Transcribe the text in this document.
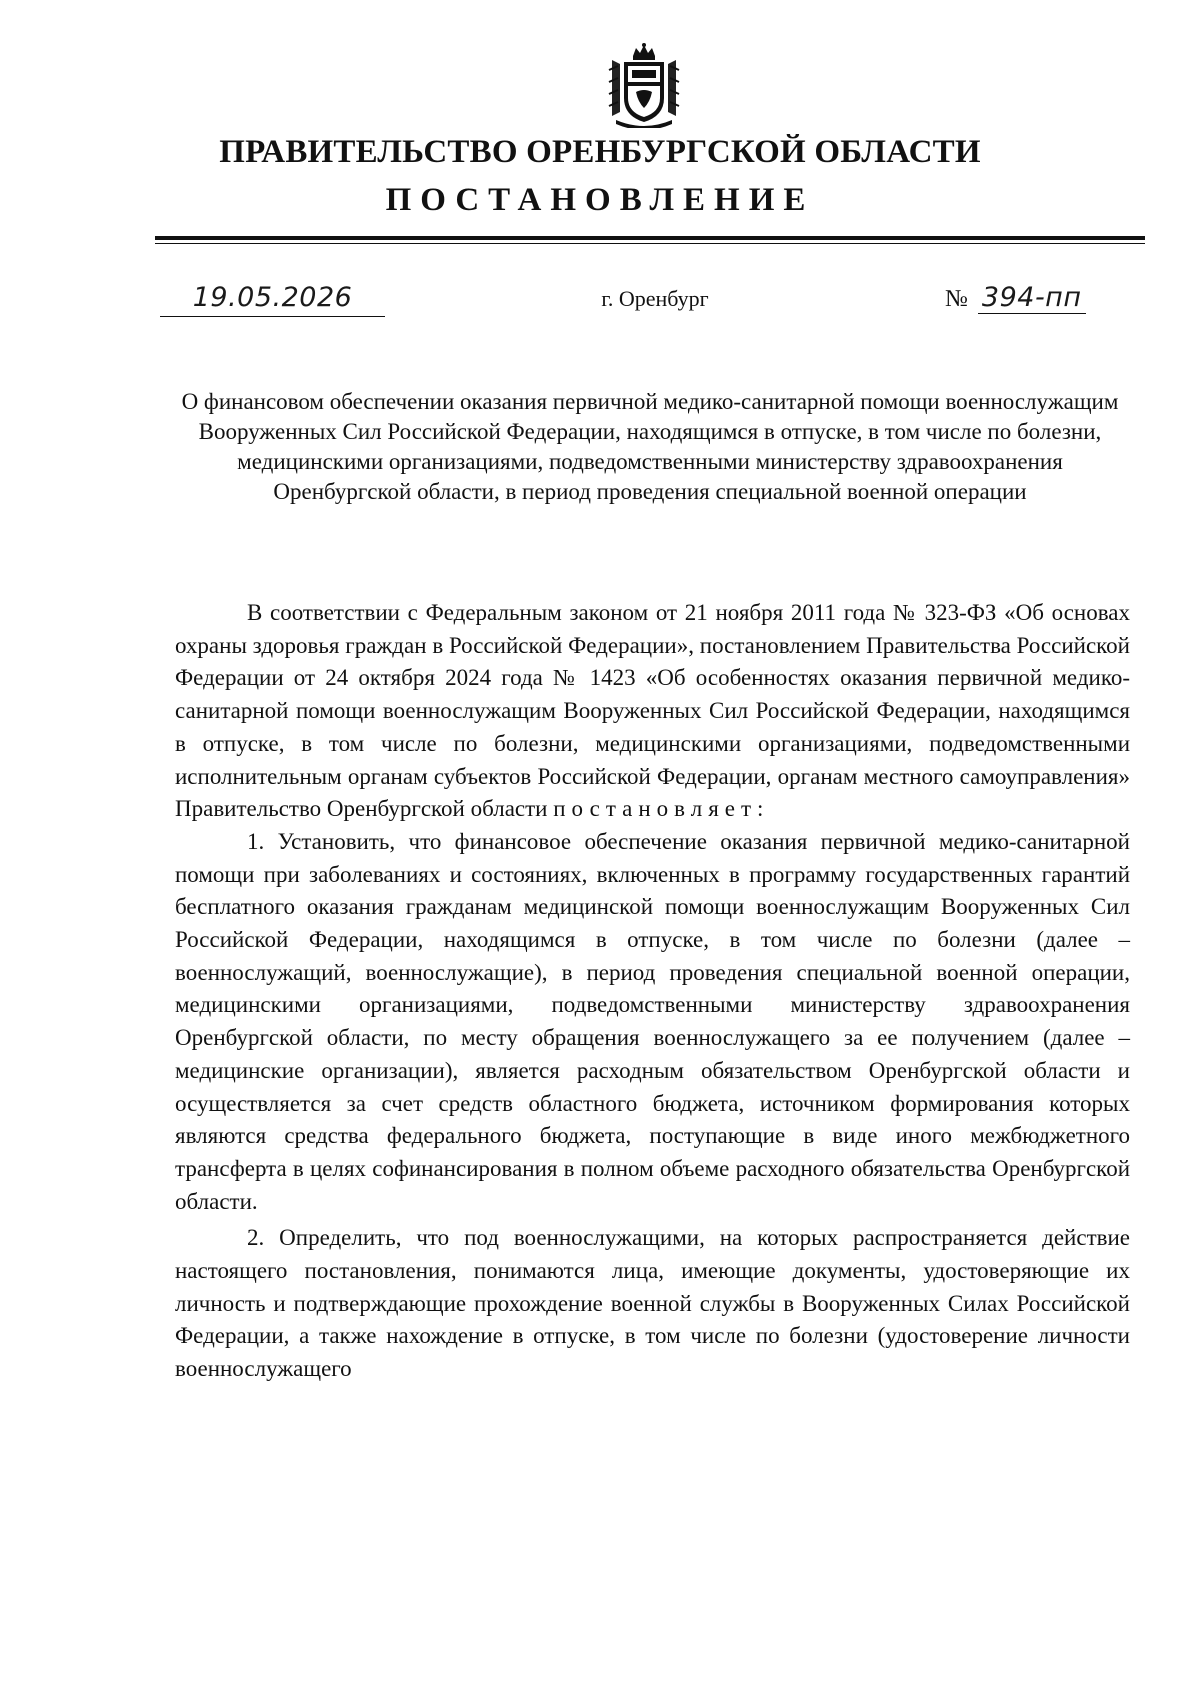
ПРАВИТЕЛЬСТВО ОРЕНБУРГСКОЙ ОБЛАСТИ
ПОСТАНОВЛЕНИЕ
19.05.2026	г. Оренбург	№ 394-пп

О финансовом обеспечении оказания первичной медико-санитарной помощи военнослужащим Вооруженных Сил Российской Федерации, находящимся в отпуске, в том числе по болезни, медицинскими организациями, подведомственными министерству здравоохранения Оренбургской области, в период проведения специальной военной операции

В соответствии с Федеральным законом от 21 ноября 2011 года № 323-ФЗ «Об основах охраны здоровья граждан в Российской Федерации», постановлением Правительства Российской Федерации от 24 октября 2024 года № 1423 «Об особенностях оказания первичной медико-санитарной помощи военнослужащим Вооруженных Сил Российской Федерации, находящимся в отпуске, в том числе по болезни, медицинскими организациями, подведомственными исполнительным органам субъектов Российской Федерации, органам местного самоуправления» Правительство Оренбургской области постановляет:

1. Установить, что финансовое обеспечение оказания первичной медико-санитарной помощи при заболеваниях и состояниях, включенных в программу государственных гарантий бесплатного оказания гражданам медицинской помощи военнослужащим Вооруженных Сил Российской Федерации, находящимся в отпуске, в том числе по болезни (далее – военнослужащий, военнослужащие), в период проведения специальной военной операции, медицинскими организациями, подведомственными министерству здравоохранения Оренбургской области, по месту обращения военнослужащего за ее получением (далее – медицинские организации), является расходным обязательством Оренбургской области и осуществляется за счет средств областного бюджета, источником формирования которых являются средства федерального бюджета, поступающие в виде иного межбюджетного трансферта в целях софинансирования в полном объеме расходного обязательства Оренбургской области.

2. Определить, что под военнослужащими, на которых распространяется действие настоящего постановления, понимаются лица, имеющие документы, удостоверяющие их личность и подтверждающие прохождение военной службы в Вооруженных Силах Российской Федерации, а также нахождение в отпуске, в том числе по болезни (удостоверение личности военнослужащего
